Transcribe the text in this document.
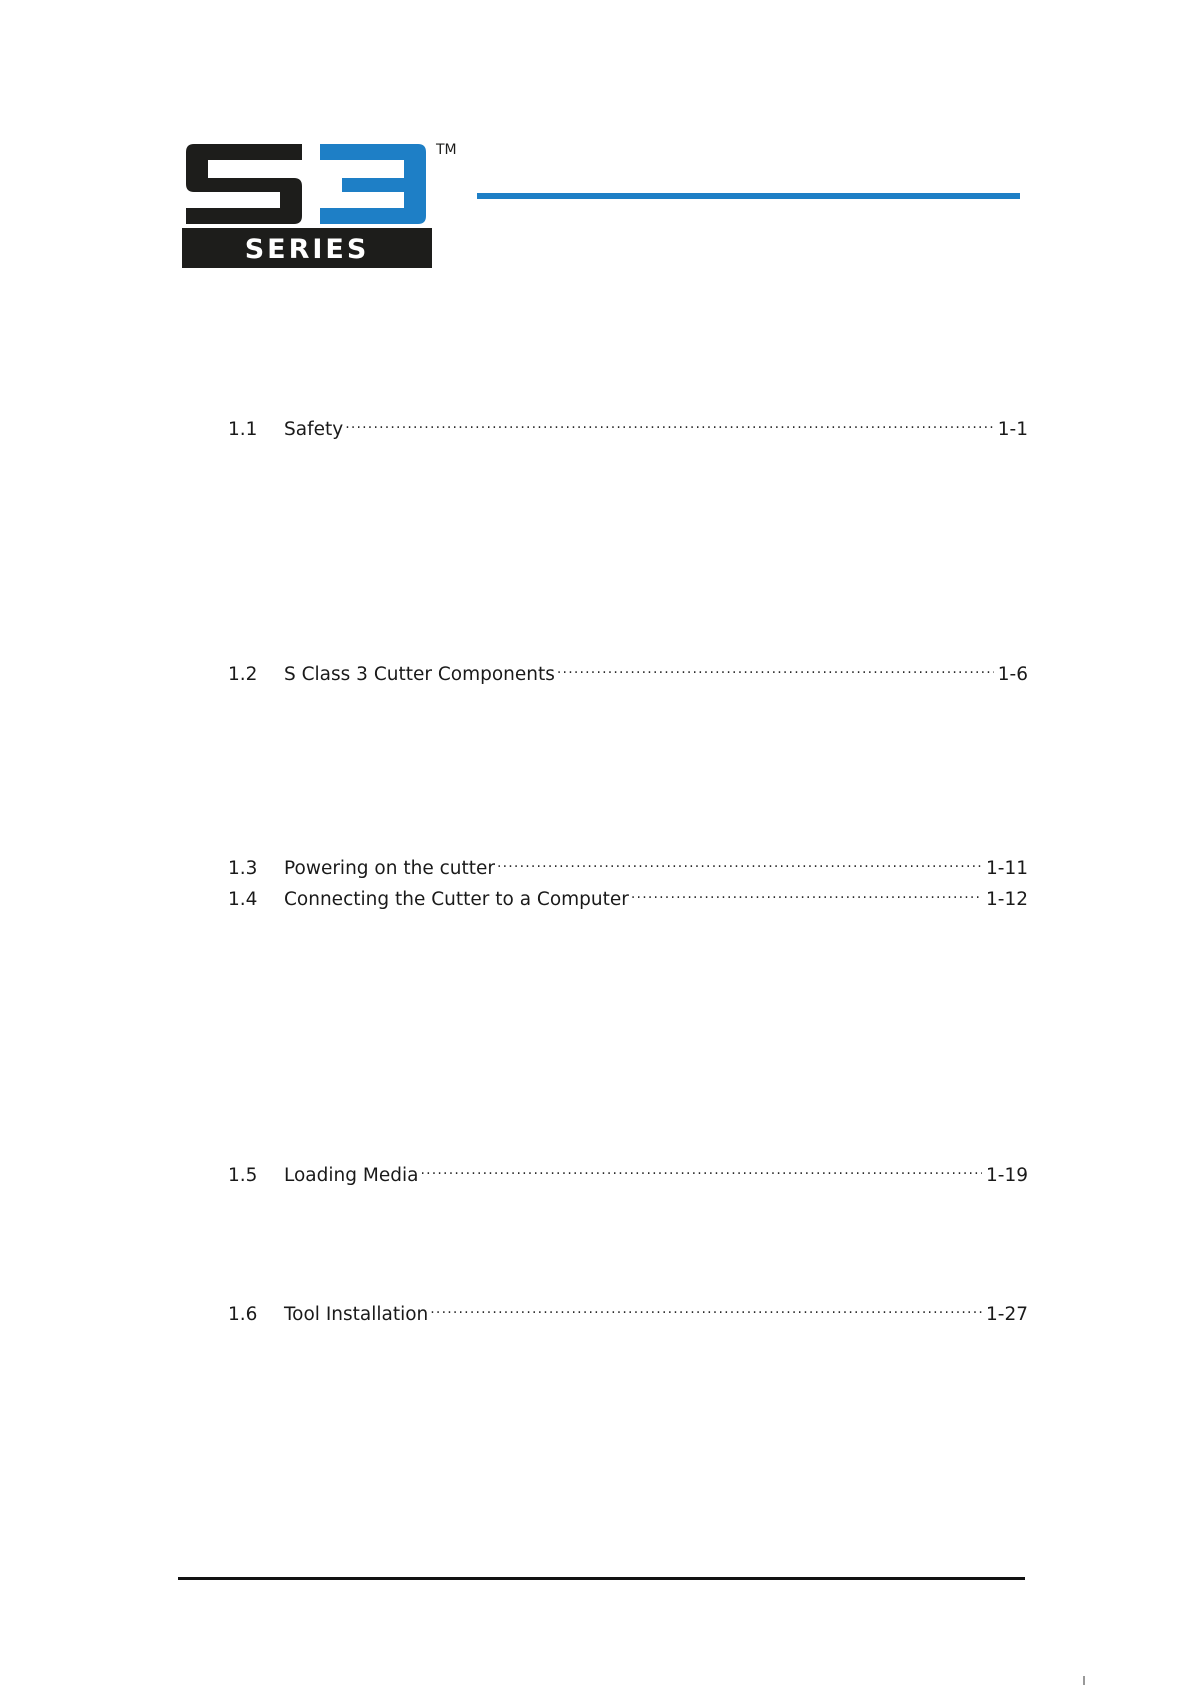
TM
SERIES
1.1	Safety .....	1-1
1.2	S Class 3 Cutter Components .....	1-6
1.3	Powering on the cutter .....	1-11
1.4	Connecting the Cutter to a Computer .....	1-12
1.5	Loading Media .....	1-19
1.6	Tool Installation .....	1-27
